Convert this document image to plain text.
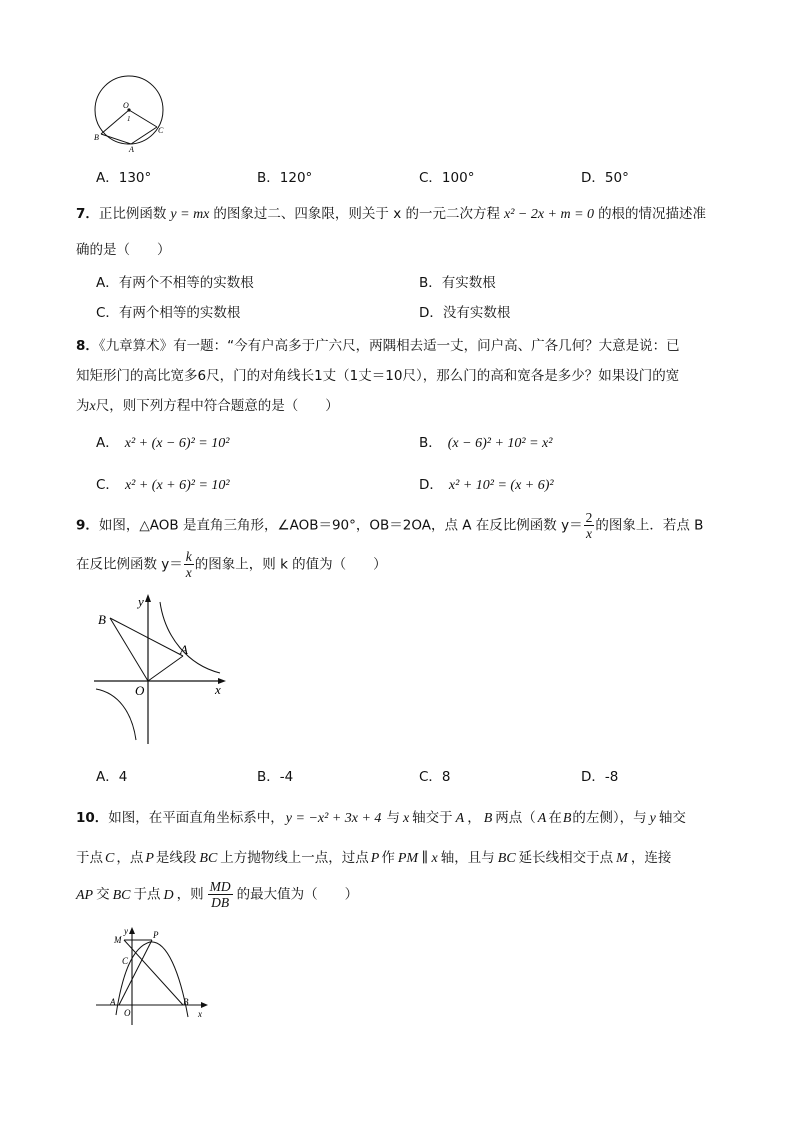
O
1
B
A
C
A．130°	B．120°	C．100°	D．50°
7．正比例函数 y = mx 的图象过二、四象限，则关于 x 的一元二次方程 x² − 2x + m = 0 的根的情况描述准
确的是（　　）
A．有两个不相等的实数根	B．有实数根
C．有两个相等的实数根	D．没有实数根
8．《九章算术》有一题：“今有户高多于广六尺，两隅相去适一丈，问户高、广各几何？大意是说：已
知矩形门的高比宽多6尺，门的对角线长1丈（1丈＝10尺），那么门的高和宽各是多少？如果设门的宽
为x尺，则下列方程中符合题意的是（　　）
A． x² + (x − 6)² = 10²	B． (x − 6)² + 10² = x²
C． x² + (x + 6)² = 10²	D． x² + 10² = (x + 6)²
9．如图，△AOB 是直角三角形，∠AOB＝90°，OB＝2OA，点 A 在反比例函数 $y= \frac{2}{x}$ 的图象上．若点 B
在反比例函数 $y= \frac{k}{x}$ 的图象上，则 k 的值为（　　）
y
x
O
A
B
A．4	B．-4	C．8	D．-8
10．如图，在平面直角坐标系中， y = −x² + 3x + 4 与 x 轴交于 A ， B 两点（ A 在B的左侧），与 y 轴交
于点 C ，点 P 是线段 BC 上方抛物线上一点，过点 P 作 PM ∥ x 轴，且与 BC 延长线相交于点 M ，连接
AP 交 BC 于点 D ，则 $\frac{MD}{DB}$ 的最大值为（　　）
y
x
M	P
C
A
O
B
